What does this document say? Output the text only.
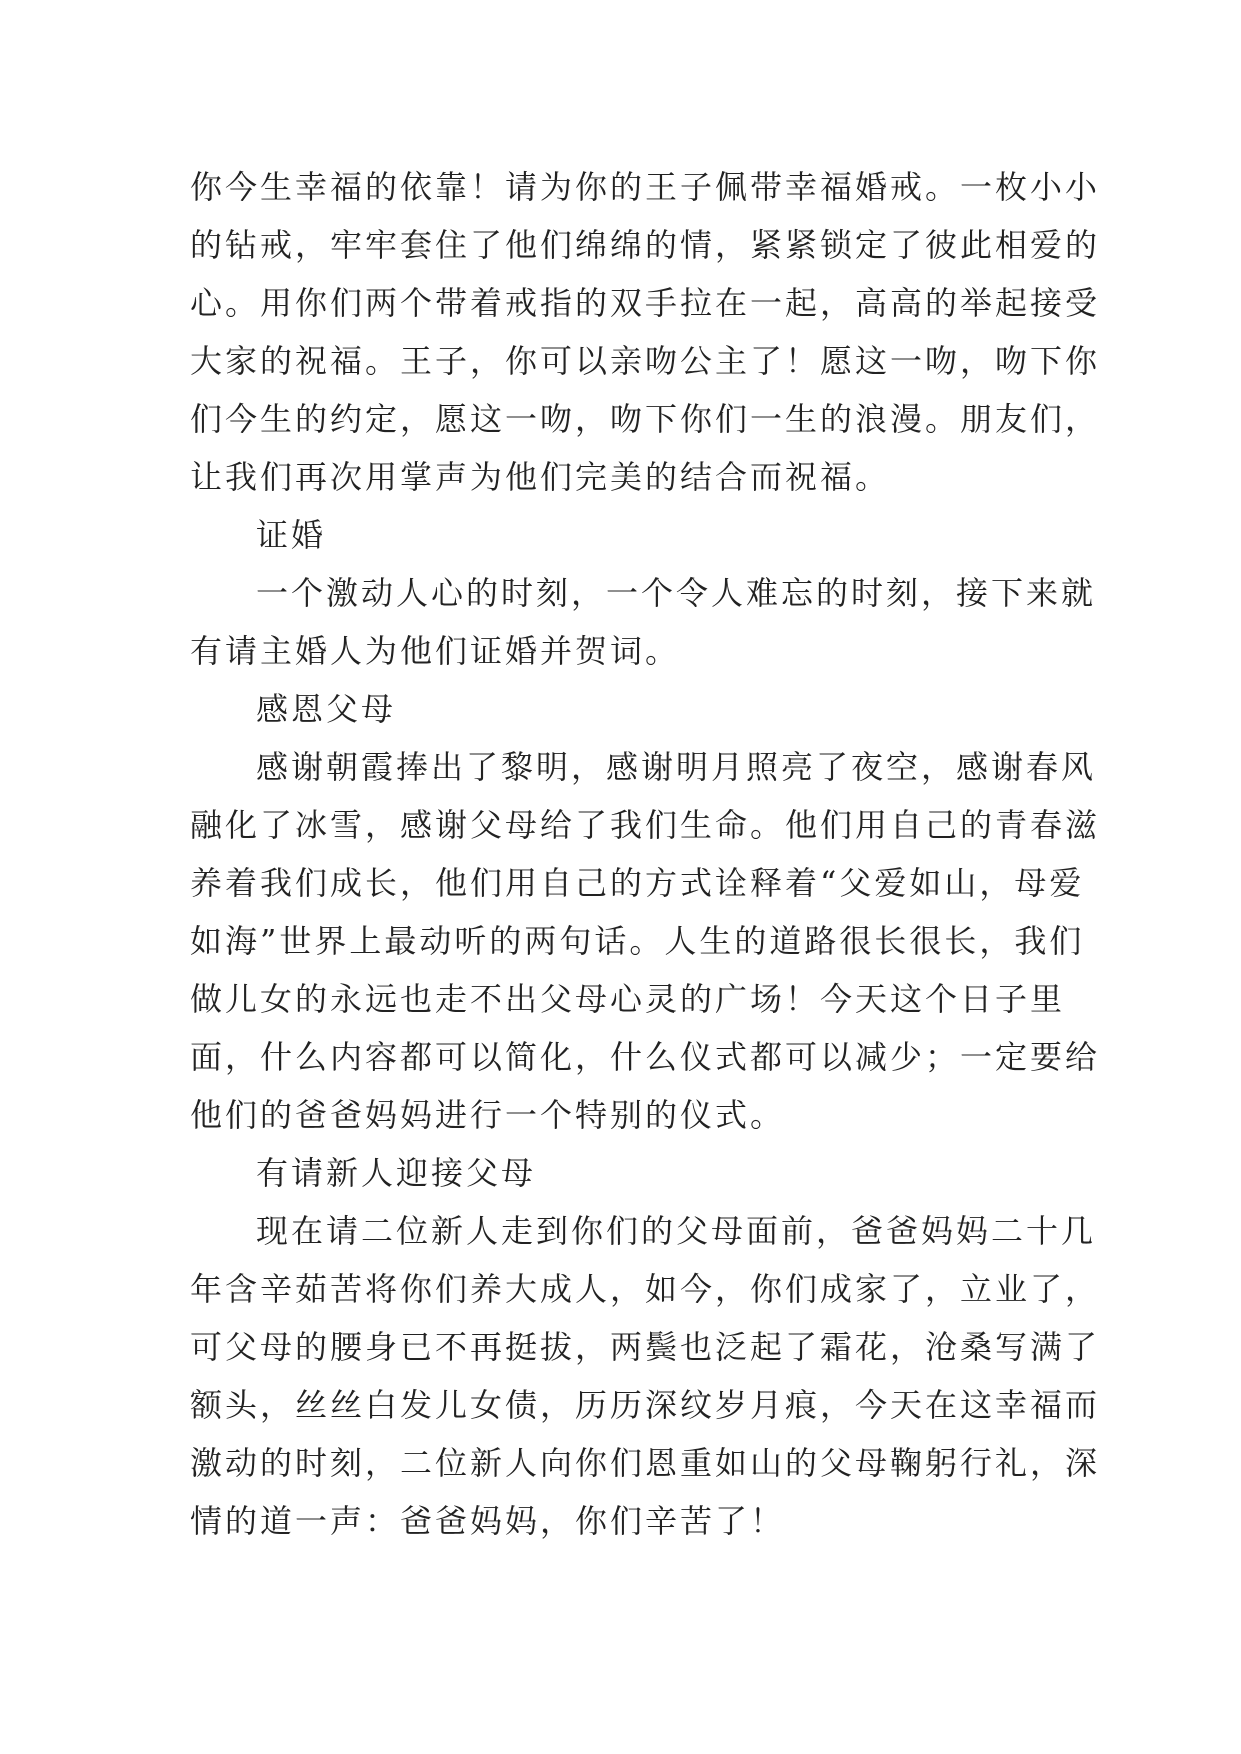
你今生幸福的依靠！请为你的王子佩带幸福婚戒。一枚小小
的钻戒，牢牢套住了他们绵绵的情，紧紧锁定了彼此相爱的
心。用你们两个带着戒指的双手拉在一起，高高的举起接受
大家的祝福。王子，你可以亲吻公主了！愿这一吻，吻下你
们今生的约定，愿这一吻，吻下你们一生的浪漫。朋友们，
让我们再次用掌声为他们完美的结合而祝福。
证婚
一个激动人心的时刻，一个令人难忘的时刻，接下来就
有请主婚人为他们证婚并贺词。
感恩父母
感谢朝霞捧出了黎明，感谢明月照亮了夜空，感谢春风
融化了冰雪，感谢父母给了我们生命。他们用自己的青春滋
养着我们成长，他们用自己的方式诠释着“父爱如山，母爱
如海”世界上最动听的两句话。人生的道路很长很长，我们
做儿女的永远也走不出父母心灵的广场！今天这个日子里
面，什么内容都可以简化，什么仪式都可以减少；一定要给
他们的爸爸妈妈进行一个特别的仪式。
有请新人迎接父母
现在请二位新人走到你们的父母面前，爸爸妈妈二十几
年含辛茹苦将你们养大成人，如今，你们成家了，立业了，
可父母的腰身已不再挺拔，两鬓也泛起了霜花，沧桑写满了
额头，丝丝白发儿女债，历历深纹岁月痕，今天在这幸福而
激动的时刻，二位新人向你们恩重如山的父母鞠躬行礼，深
情的道一声：爸爸妈妈，你们辛苦了！
